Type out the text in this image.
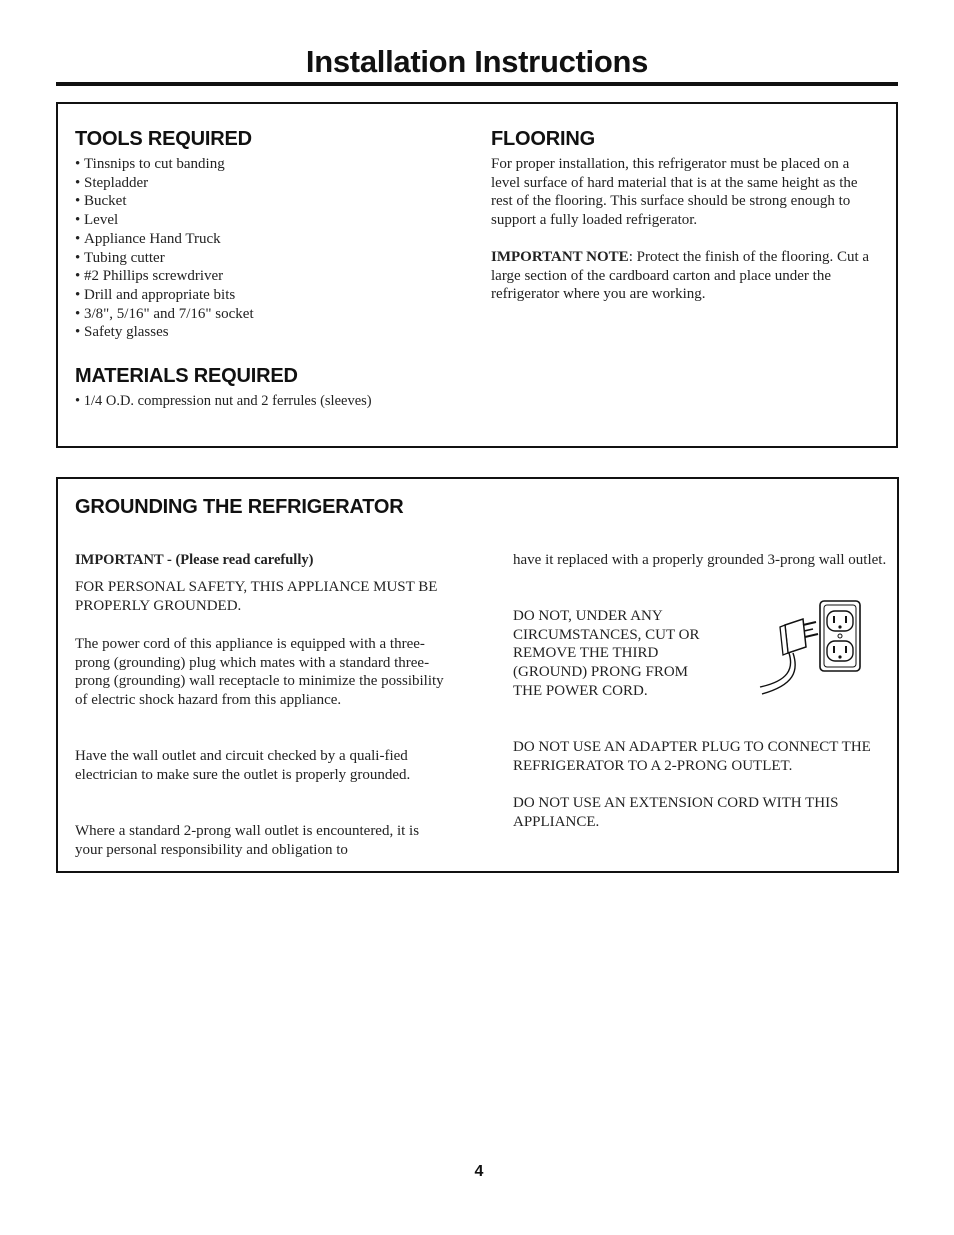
Installation Instructions
TOOLS REQUIRED
• Tinsnips to cut banding
• Stepladder
• Bucket
• Level
• Appliance Hand Truck
• Tubing cutter
• #2 Phillips screwdriver
• Drill and appropriate bits
• 3/8", 5/16" and 7/16" socket
• Safety glasses
MATERIALS REQUIRED
• 1/4 O.D. compression nut and 2 ferrules (sleeves)
FLOORING

For proper installation, this refrigerator must be placed on a level surface of hard material that is at the same height as the rest of the flooring. This surface should be strong enough to support a fully loaded refrigerator.

IMPORTANT NOTE: Protect the finish of the flooring. Cut a large section of the cardboard carton and place under the refrigerator where you are working.

GROUNDING THE REFRIGERATOR

IMPORTANT - (Please read carefully)

FOR PERSONAL SAFETY, THIS APPLIANCE MUST BE PROPERLY GROUNDED.

The power cord of this appliance is equipped with a three-prong (grounding) plug which mates with a standard three-prong (grounding) wall receptacle to minimize the possibility of electric shock hazard from this appliance.

Have the wall outlet and circuit checked by a quali-fied electrician to make sure the outlet is properly grounded.

Where a standard 2-prong wall outlet is encountered, it is your personal responsibility and obligation to

have it replaced with a properly grounded 3-prong wall outlet.

DO NOT, UNDER ANY CIRCUMSTANCES, CUT OR REMOVE THE THIRD (GROUND) PRONG FROM THE POWER CORD.

DO NOT USE AN ADAPTER PLUG TO CONNECT THE REFRIGERATOR TO A 2-PRONG OUTLET.

DO NOT USE AN EXTENSION CORD WITH THIS APPLIANCE.

4
